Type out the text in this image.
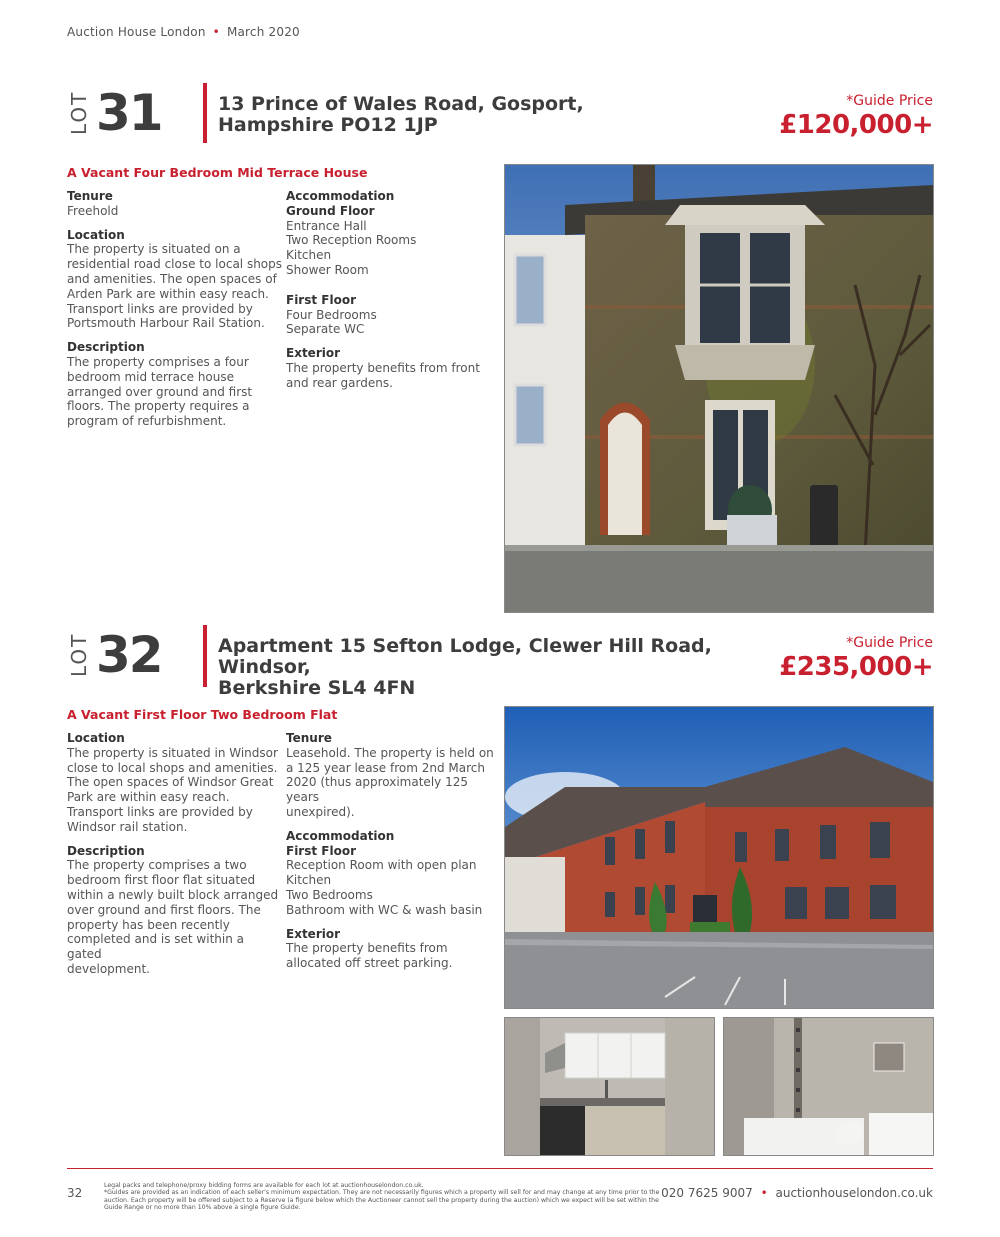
Auction House London • March 2020
LOT 31	13 Prince of Wales Road, Gosport,
Hampshire PO12 1JP
*Guide Price
£120,000+
A Vacant Four Bedroom Mid Terrace House
Tenure
Freehold
Location
The property is situated on a
residential road close to local shops
and amenities. The open spaces of
Arden Park are within easy reach.
Transport links are provided by
Portsmouth Harbour Rail Station.
Description
The property comprises a four
bedroom mid terrace house
arranged over ground and first
floors. The property requires a
program of refurbishment.
Accommodation
Ground Floor
Entrance Hall
Two Reception Rooms
Kitchen
Shower Room
First Floor
Four Bedrooms
Separate WC
Exterior
The property benefits from front
and rear gardens.
LOT 32	Apartment 15 Sefton Lodge, Clewer Hill Road, Windsor,
Berkshire SL4 4FN
*Guide Price
£235,000+
A Vacant First Floor Two Bedroom Flat
Location
The property is situated in Windsor
close to local shops and amenities.
The open spaces of Windsor Great
Park are within easy reach.
Transport links are provided by
Windsor rail station.
Description
The property comprises a two
bedroom first floor flat situated
within a newly built block arranged
over ground and first floors. The
property has been recently
completed and is set within a gated
development.
Tenure
Leasehold. The property is held on
a 125 year lease from 2nd March
2020 (thus approximately 125 years
unexpired).
Accommodation
First Floor
Reception Room with open plan
Kitchen
Two Bedrooms
Bathroom with WC & wash basin
Exterior
The property benefits from
allocated off street parking.
32
Legal packs and telephone/proxy bidding forms are available for each lot at auctionhouselondon.co.uk.
*Guides are provided as an indication of each seller's minimum expectation. They are not necessarily figures which a property will sell for and may change at any time prior to the auction. Each property will be offered subject to a Reserve (a figure below which the Auctioneer cannot sell the property during the auction) which we expect will be set within the Guide Range or no more than 10% above a single figure Guide.
020 7625 9007 • auctionhouselondon.co.uk
